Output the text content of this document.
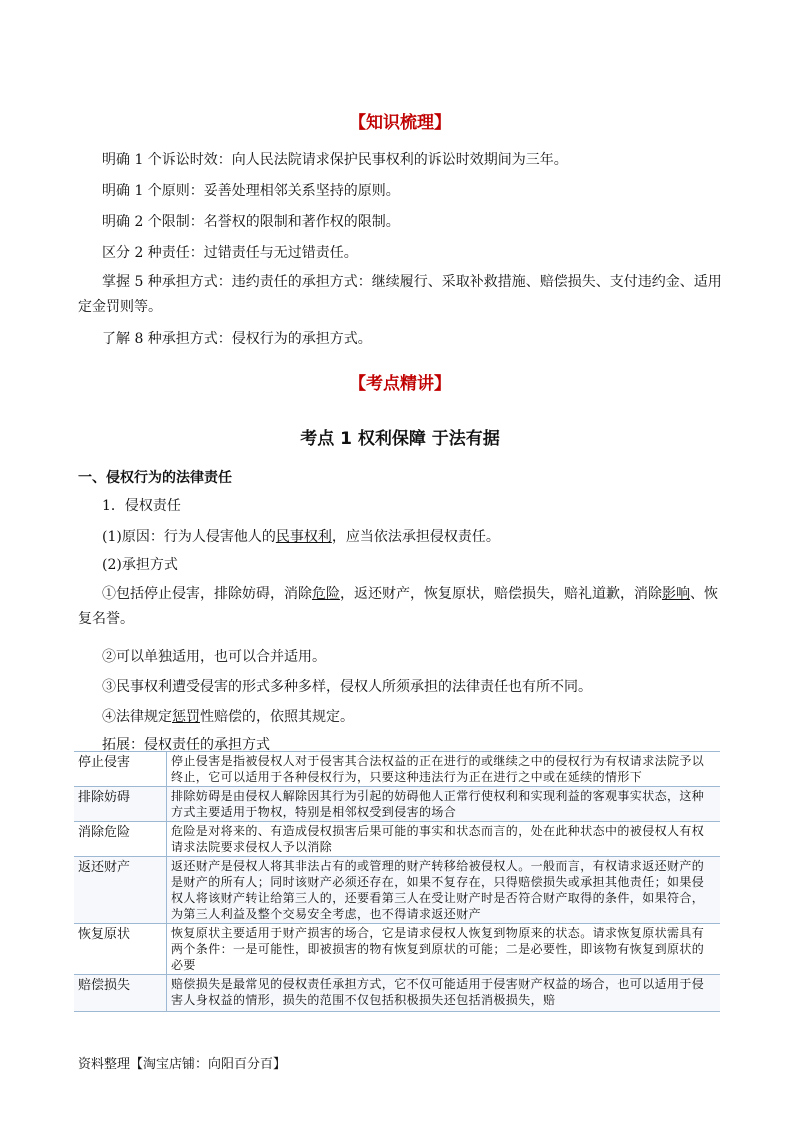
【知识梳理】
明确 1 个诉讼时效：向人民法院请求保护民事权利的诉讼时效期间为三年。
明确 1 个原则：妥善处理相邻关系坚持的原则。
明确 2 个限制：名誉权的限制和著作权的限制。
区分 2 种责任：过错责任与无过错责任。
掌握 5 种承担方式：违约责任的承担方式：继续履行、采取补救措施、赔偿损失、支付违约金、适用定金罚则等。
了解 8 种承担方式：侵权行为的承担方式。
【考点精讲】
考点 1 权利保障 于法有据
一、侵权行为的法律责任
1．侵权责任
(1)原因：行为人侵害他人的民事权利，应当依法承担侵权责任。
(2)承担方式
①包括停止侵害，排除妨碍，消除危险，返还财产，恢复原状，赔偿损失，赔礼道歉，消除影响、恢复名誉。
②可以单独适用，也可以合并适用。
③民事权利遭受侵害的形式多种多样，侵权人所须承担的法律责任也有所不同。
④法律规定惩罚性赔偿的，依照其规定。
拓展：侵权责任的承担方式
停止侵害	停止侵害是指被侵权人对于侵害其合法权益的正在进行的或继续之中的侵权行为有权请求法院予以终止，它可以适用于各种侵权行为，只要这种违法行为正在进行之中或在延续的情形下
排除妨碍	排除妨碍是由侵权人解除因其行为引起的妨碍他人正常行使权利和实现利益的客观事实状态，这种方式主要适用于物权，特别是相邻权受到侵害的场合
消除危险	危险是对将来的、有造成侵权损害后果可能的事实和状态而言的，处在此种状态中的被侵权人有权请求法院要求侵权人予以消除
返还财产	返还财产是侵权人将其非法占有的或管理的财产转移给被侵权人。一般而言，有权请求返还财产的是财产的所有人；同时该财产必须还存在，如果不复存在，只得赔偿损失或承担其他责任；如果侵权人将该财产转让给第三人的，还要看第三人在受让财产时是否符合财产取得的条件，如果符合，为第三人利益及整个交易安全考虑，也不得请求返还财产
恢复原状	恢复原状主要适用于财产损害的场合，它是请求侵权人恢复到物原来的状态。请求恢复原状需具有两个条件：一是可能性，即被损害的物有恢复到原状的可能；二是必要性，即该物有恢复到原状的必要
赔偿损失	赔偿损失是最常见的侵权责任承担方式，它不仅可能适用于侵害财产权益的场合，也可以适用于侵害人身权益的情形，损失的范围不仅包括积极损失还包括消极损失，赔
资料整理【淘宝店铺：向阳百分百】
